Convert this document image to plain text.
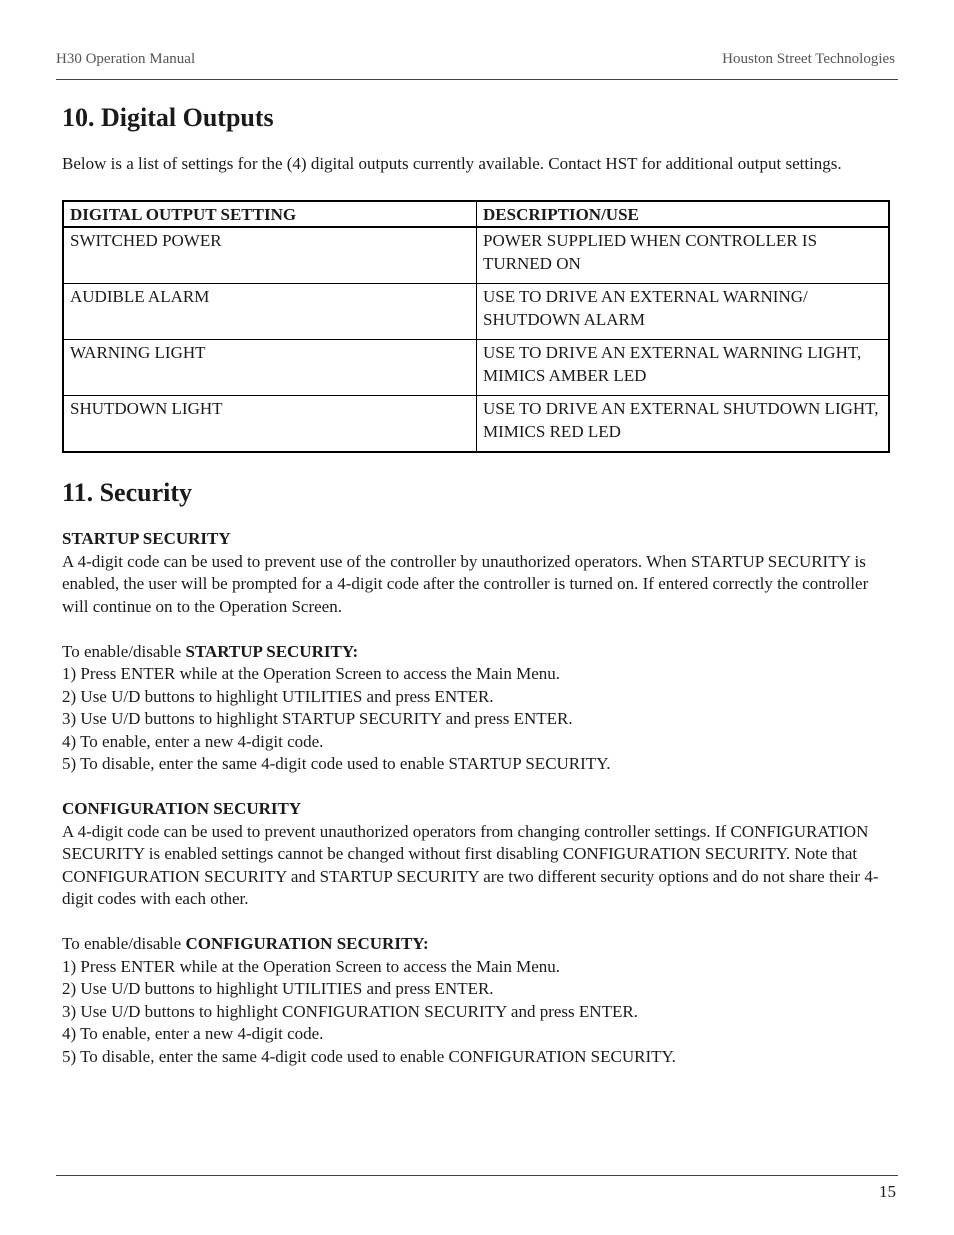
H30 Operation Manual	Houston Street Technologies
10. Digital Outputs

Below is a list of settings for the (4) digital outputs currently available. Contact HST for additional output settings.

DIGITAL OUTPUT SETTING	DESCRIPTION/USE
SWITCHED POWER	POWER SUPPLIED WHEN CONTROLLER IS TURNED ON
AUDIBLE ALARM	USE TO DRIVE AN EXTERNAL WARNING/ SHUTDOWN ALARM
WARNING LIGHT	USE TO DRIVE AN EXTERNAL WARNING LIGHT, MIMICS AMBER LED
SHUTDOWN LIGHT	USE TO DRIVE AN EXTERNAL SHUTDOWN LIGHT, MIMICS RED LED
11. Security

STARTUP SECURITY

A 4-digit code can be used to prevent use of the controller by unauthorized operators. When STARTUP SECURITY is enabled, the user will be prompted for a 4-digit code after the controller is turned on. If entered correctly the controller will continue on to the Operation Screen.

To enable/disable STARTUP SECURITY:

1) Press ENTER while at the Operation Screen to access the Main Menu.
2) Use U/D buttons to highlight UTILITIES and press ENTER.
3) Use U/D buttons to highlight STARTUP SECURITY and press ENTER.
4) To enable, enter a new 4-digit code.
5) To disable, enter the same 4-digit code used to enable STARTUP SECURITY.

CONFIGURATION SECURITY

A 4-digit code can be used to prevent unauthorized operators from changing controller settings. If CONFIGURATION SECURITY is enabled settings cannot be changed without first disabling CONFIGURATION SECURITY. Note that CONFIGURATION SECURITY and STARTUP SECURITY are two different security options and do not share their 4-digit codes with each other.

To enable/disable CONFIGURATION SECURITY:

1) Press ENTER while at the Operation Screen to access the Main Menu.
2) Use U/D buttons to highlight UTILITIES and press ENTER.
3) Use U/D buttons to highlight CONFIGURATION SECURITY and press ENTER.
4) To enable, enter a new 4-digit code.
5) To disable, enter the same 4-digit code used to enable CONFIGURATION SECURITY.
15
